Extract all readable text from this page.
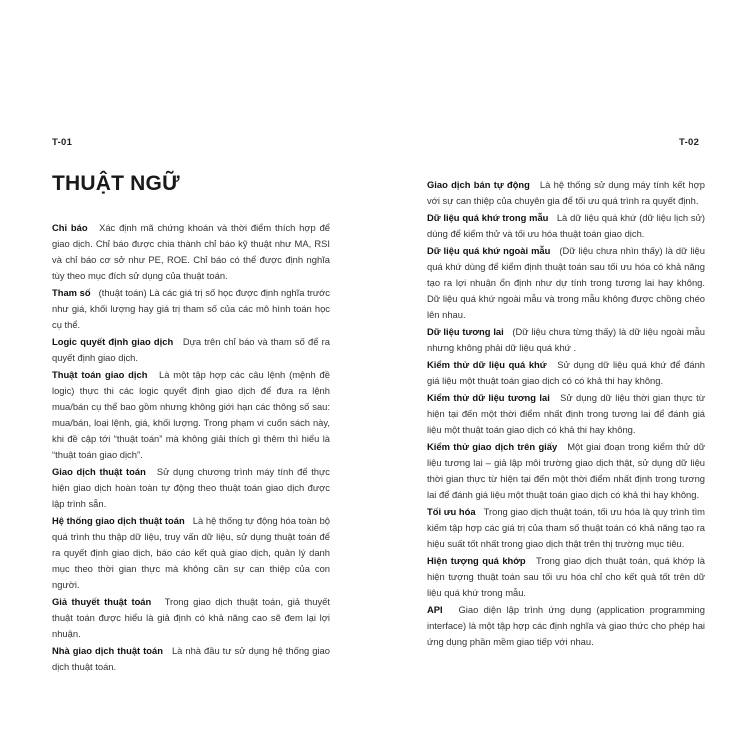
T-01	T-02
THUẬT NGỮ

Chỉ báo Xác định mã chứng khoán và thời điểm thích hợp để giao dịch. Chỉ báo được chia thành chỉ báo kỹ thuật như MA, RSI và chỉ báo cơ sở như PE, ROE. Chỉ báo có thể được định nghĩa tùy theo mục đích sử dụng của thuật toán.

Tham số (thuật toán) Là các giá trị số học được định nghĩa trước như giá, khối lượng hay giá trị tham số của các mô hình toán học cụ thể.

Logic quyết định giao dịch Dựa trên chỉ báo và tham số để ra quyết định giao dịch.

Thuật toán giao dịch Là một tập hợp các câu lệnh (mệnh đề logic) thực thi các logic quyết định giao dịch để đưa ra lệnh mua/bán cụ thể bao gồm nhưng không giới hạn các thông số sau: mua/bán, loại lệnh, giá, khối lượng. Trong phạm vi cuốn sách này, khi đề cập tới “thuật toán” mà không giải thích gì thêm thì hiểu là “thuật toán giao dịch”.

Giao dịch thuật toán Sử dụng chương trình máy tính để thực hiện giao dịch hoàn toàn tự động theo thuật toán giao dịch được lập trình sẵn.

Hệ thống giao dịch thuật toán Là hệ thống tự động hóa toàn bộ quá trình thu thập dữ liệu, truy vấn dữ liệu, sử dụng thuật toán để ra quyết định giao dịch, báo cáo kết quả giao dịch, quản lý danh mục theo thời gian thực mà không cần sự can thiệp của con người.

Giả thuyết thuật toán Trong giao dịch thuật toán, giả thuyết thuật toán được hiểu là giả định có khả năng cao sẽ đem lại lợi nhuận.

Nhà giao dịch thuật toán Là nhà đầu tư sử dụng hệ thống giao dịch thuật toán.

Giao dịch bán tự động Là hệ thống sử dụng máy tính kết hợp với sự can thiệp của chuyên gia để tối ưu quá trình ra quyết định.

Dữ liệu quá khứ trong mẫu Là dữ liệu quá khứ (dữ liệu lịch sử) dùng để kiểm thử và tối ưu hóa thuật toán giao dịch.

Dữ liệu quá khứ ngoài mẫu (Dữ liệu chưa nhìn thấy) là dữ liệu quá khứ dùng để kiểm định thuật toán sau tối ưu hóa có khả năng tạo ra lợi nhuận ổn định như dự tính trong tương lai hay không. Dữ liệu quá khứ ngoài mẫu và trong mẫu không được chồng chéo lên nhau.

Dữ liệu tương lai (Dữ liệu chưa từng thấy) là dữ liệu ngoài mẫu nhưng không phải dữ liệu quá khứ .

Kiểm thử dữ liệu quá khứ Sử dụng dữ liệu quá khứ để đánh giá liệu một thuật toán giao dịch có có khả thi hay không.

Kiểm thử dữ liệu tương lai Sử dụng dữ liệu thời gian thực từ hiện tại đến một thời điểm nhất định trong tương lai để đánh giá liệu một thuật toán giao dịch có khả thi hay không.

Kiểm thử giao dịch trên giấy Một giai đoạn trong kiểm thử dữ liệu tương lai – giả lập môi trường giao dịch thật, sử dụng dữ liệu thời gian thực từ hiện tại đến một thời điểm nhất định trong tương lai để đánh giá liệu một thuật toán giao dịch có khả thi hay không.

Tối ưu hóa Trong giao dịch thuật toán, tối ưu hóa là quy trình tìm kiếm tập hợp các giá trị của tham số thuật toán có khả năng tạo ra hiệu suất tốt nhất trong giao dịch thật trên thị trường mục tiêu.

Hiện tượng quá khớp Trong giao dịch thuật toán, quá khớp là hiện tượng thuật toán sau tối ưu hóa chỉ cho kết quả tốt trên dữ liệu quá khứ trong mẫu.

API Giao diện lập trình ứng dụng (application programming interface) là một tập hợp các định nghĩa và giao thức cho phép hai ứng dụng phần mềm giao tiếp với nhau.
